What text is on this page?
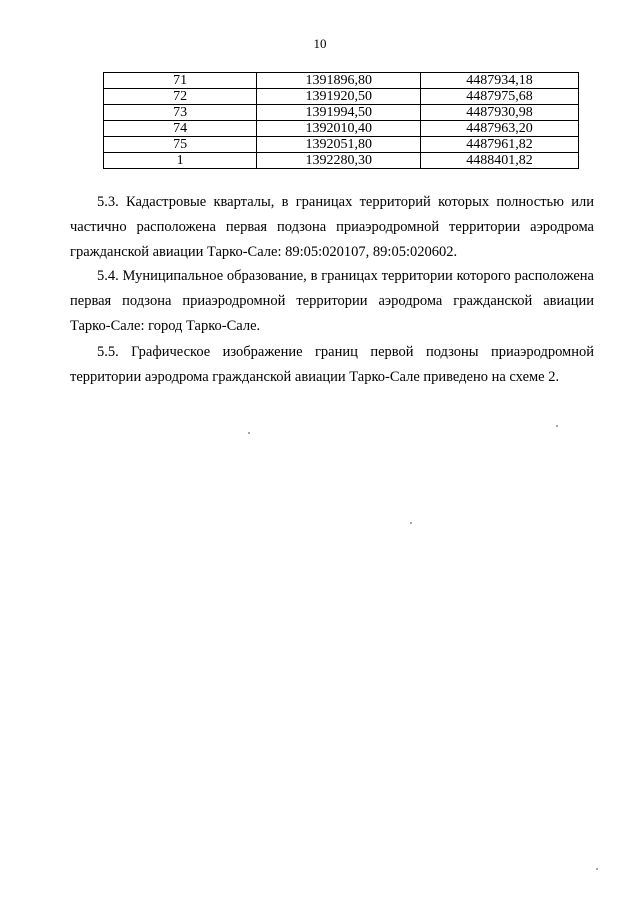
10
71	1391896,80	4487934,18
72	1391920,50	4487975,68
73	1391994,50	4487930,98
74	1392010,40	4487963,20
75	1392051,80	4487961,82
1	1392280,30	4488401,82
5.3. Кадастровые кварталы, в границах территорий которых полностью или
частично расположена первая подзона приаэродромной территории аэродрома гражданской авиации Тарко-Сале: 89:05:020107, 89:05:020602.
5.4. Муниципальное образование, в границах территории которого расположена
первая подзона приаэродромной территории аэродрома гражданской авиации Тарко-Сале: город Тарко-Сале.
5.5. Графическое изображение границ первой подзоны приаэродромной
территории аэродрома гражданской авиации Тарко-Сале приведено на схеме 2.
